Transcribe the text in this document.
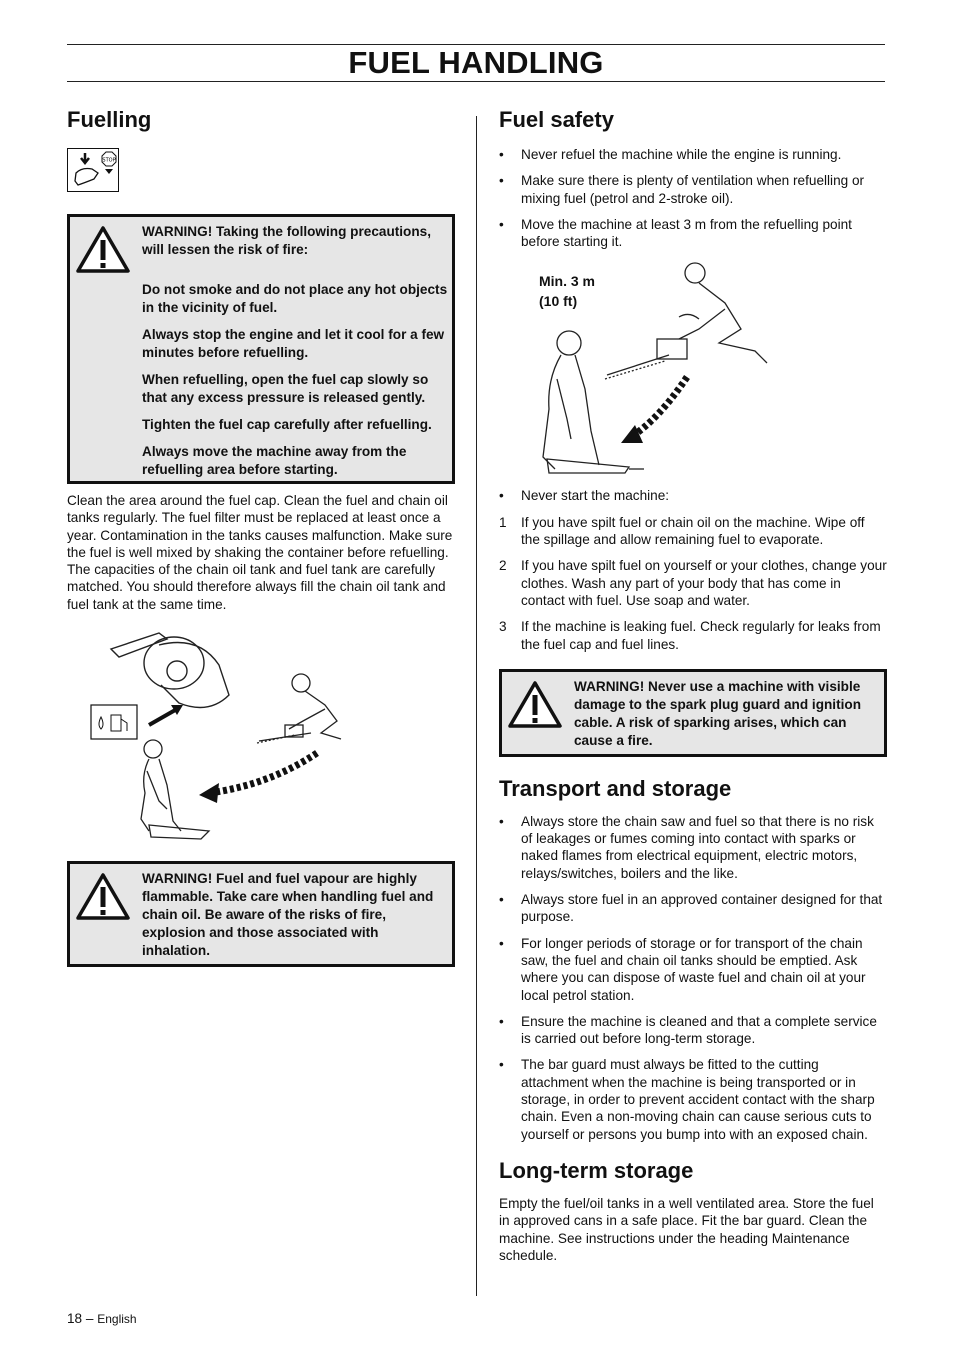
FUEL HANDLING
Fuelling
STOP

WARNING! Taking the following precautions, will lessen the risk of fire:

Do not smoke and do not place any hot objects in the vicinity of fuel.

Always stop the engine and let it cool for a few minutes before refuelling.

When refuelling, open the fuel cap slowly so that any excess pressure is released gently.

Tighten the fuel cap carefully after refuelling.

Always move the machine away from the refuelling area before starting.

Clean the area around the fuel cap. Clean the fuel and chain oil tanks regularly. The fuel filter must be replaced at least once a year. Contamination in the tanks causes malfunction. Make sure the fuel is well mixed by shaking the container before refuelling. The capacities of the chain oil tank and fuel tank are carefully matched. You should therefore always fill the chain oil tank and fuel tank at the same time.

WARNING! Fuel and fuel vapour are highly flammable. Take care when handling fuel and chain oil. Be aware of the risks of fire, explosion and those associated with inhalation.

Fuel safety
•	Never refuel the machine while the engine is running.
•	Make sure there is plenty of ventilation when refuelling or mixing fuel (petrol and 2-stroke oil).
•	Move the machine at least 3 m from the refuelling point before starting it.
Min. 3 m
(10 ft)
•	Never start the machine:
1	If you have spilt fuel or chain oil on the machine. Wipe off the spillage and allow remaining fuel to evaporate.
2	If you have spilt fuel on yourself or your clothes, change your clothes. Wash any part of your body that has come in contact with fuel. Use soap and water.
3	If the machine is leaking fuel. Check regularly for leaks from the fuel cap and fuel lines.

WARNING! Never use a machine with visible damage to the spark plug guard and ignition cable. A risk of sparking arises, which can cause a fire.

Transport and storage
•	Always store the chain saw and fuel so that there is no risk of leakages or fumes coming into contact with sparks or naked flames from electrical equipment, electric motors, relays/switches, boilers and the like.
•	Always store fuel in an approved container designed for that purpose.
•	For longer periods of storage or for transport of the chain saw, the fuel and chain oil tanks should be emptied. Ask where you can dispose of waste fuel and chain oil at your local petrol station.
•	Ensure the machine is cleaned and that a complete service is carried out before long-term storage.
•	The bar guard must always be fitted to the cutting attachment when the machine is being transported or in storage, in order to prevent accident contact with the sharp chain. Even a non-moving chain can cause serious cuts to yourself or persons you bump into with an exposed chain.
Long-term storage

Empty the fuel/oil tanks in a well ventilated area. Store the fuel in approved cans in a safe place. Fit the bar guard. Clean the machine. See instructions under the heading Maintenance schedule.

18 – English
